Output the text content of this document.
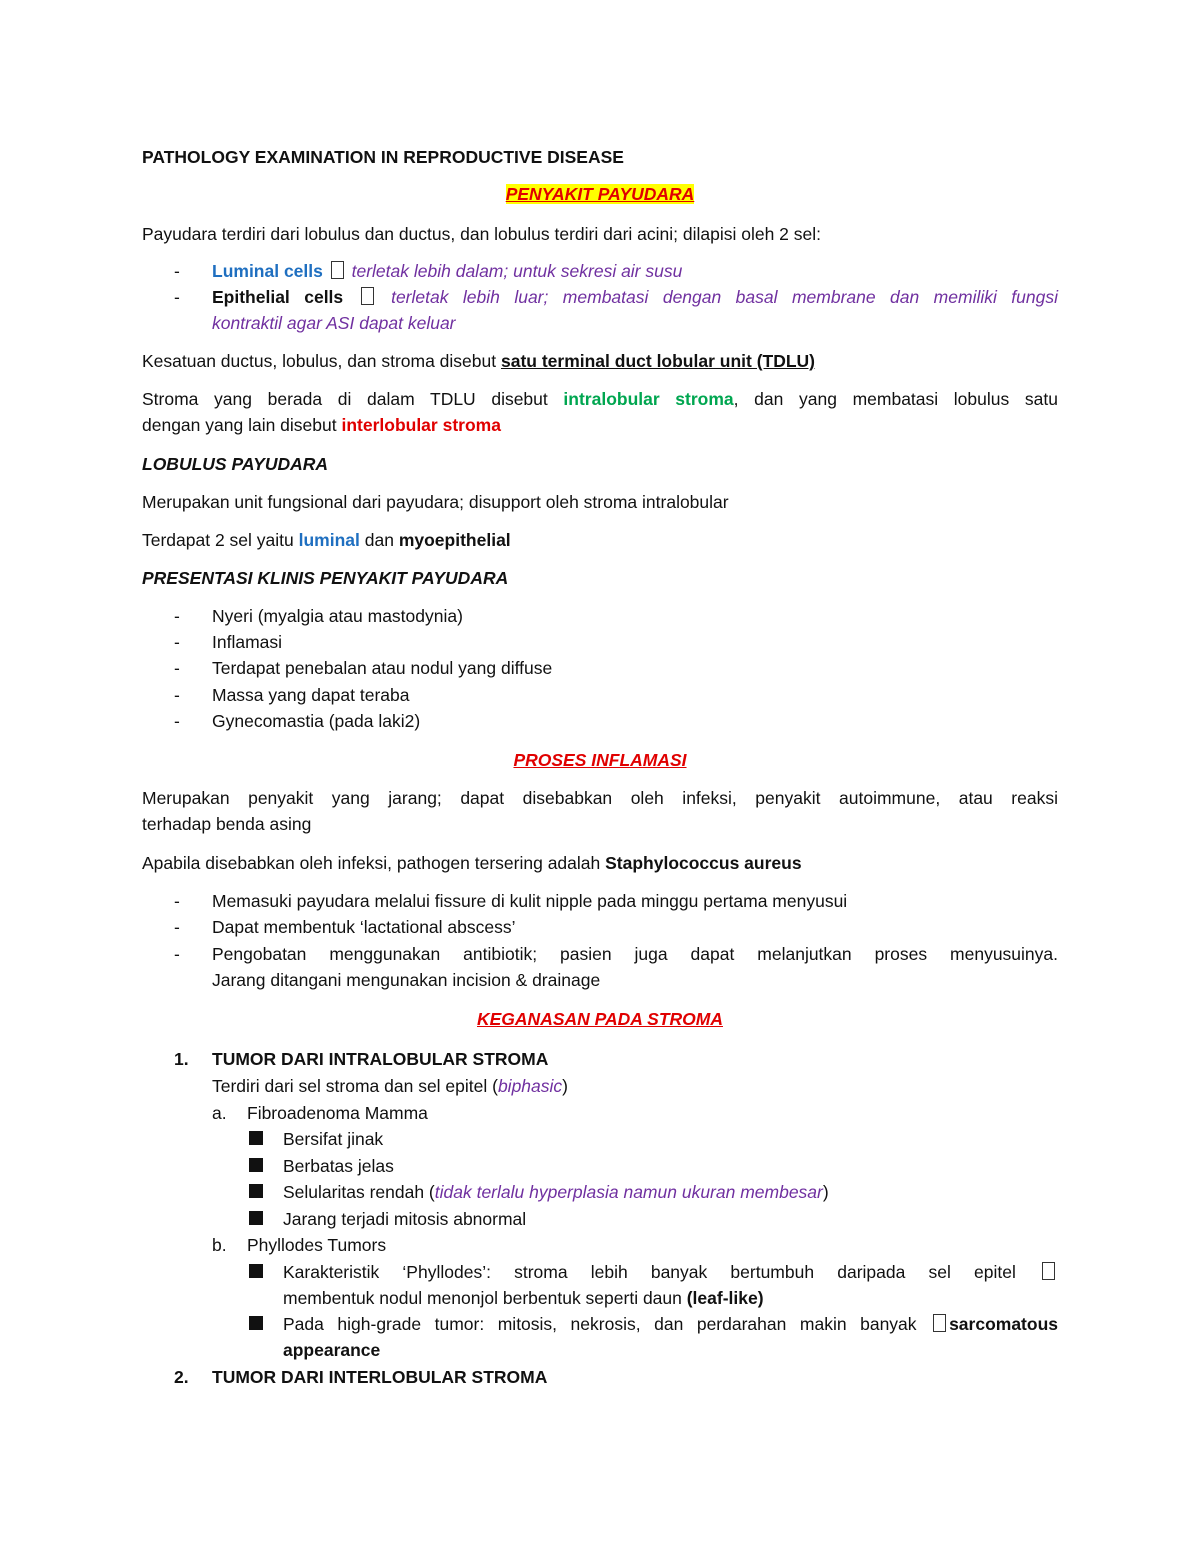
PATHOLOGY EXAMINATION IN REPRODUCTIVE DISEASE
PENYAKIT PAYUDARA
Payudara terdiri dari lobulus dan ductus, dan lobulus terdiri dari acini; dilapisi oleh 2 sel:
- Luminal cells terletak lebih dalam; untuk sekresi air susu
- Epithelial cells	terletak lebih luar; membatasi dengan basal membrane dan memiliki fungsi
kontraktil agar ASI dapat keluar
Kesatuan ductus, lobulus, dan stroma disebut satu terminal duct lobular unit (TDLU)
Stroma yang berada di dalam TDLU disebut intralobular stroma, dan yang membatasi lobulus satu
dengan yang lain disebut interlobular stroma
LOBULUS PAYUDARA
Merupakan unit fungsional dari payudara; disupport oleh stroma intralobular
Terdapat 2 sel yaitu luminal dan myoepithelial
PRESENTASI KLINIS PENYAKIT PAYUDARA
- Nyeri (myalgia atau mastodynia)
- Inflamasi
- Terdapat penebalan atau nodul yang diffuse
- Massa yang dapat teraba
- Gynecomastia (pada laki2)
PROSES INFLAMASI
Merupakan penyakit yang jarang; dapat disebabkan oleh infeksi, penyakit autoimmune, atau reaksi
terhadap benda asing
Apabila disebabkan oleh infeksi, pathogen tersering adalah Staphylococcus aureus
- Memasuki payudara melalui fissure di kulit nipple pada minggu pertama menyusui
- Dapat membentuk ‘lactational abscess’
- Pengobatan menggunakan antibiotik; pasien juga dapat melanjutkan proses menyusuinya.
Jarang ditangani mengunakan incision & drainage
KEGANASAN PADA STROMA
1. TUMOR DARI INTRALOBULAR STROMA
Terdiri dari sel stroma dan sel epitel (biphasic)
a. Fibroadenoma Mamma
Bersifat jinak
Berbatas jelas
Selularitas rendah (tidak terlalu hyperplasia namun ukuran membesar)
Jarang terjadi mitosis abnormal
b. Phyllodes Tumors
Karakteristik ‘Phyllodes’: stroma lebih banyak bertumbuh daripada sel epitel
membentuk nodul menonjol berbentuk seperti daun (leaf-like)
Pada high-grade tumor: mitosis, nekrosis, dan perdarahan makin banyak sarcomatous
appearance
2. TUMOR DARI INTERLOBULAR STROMA
